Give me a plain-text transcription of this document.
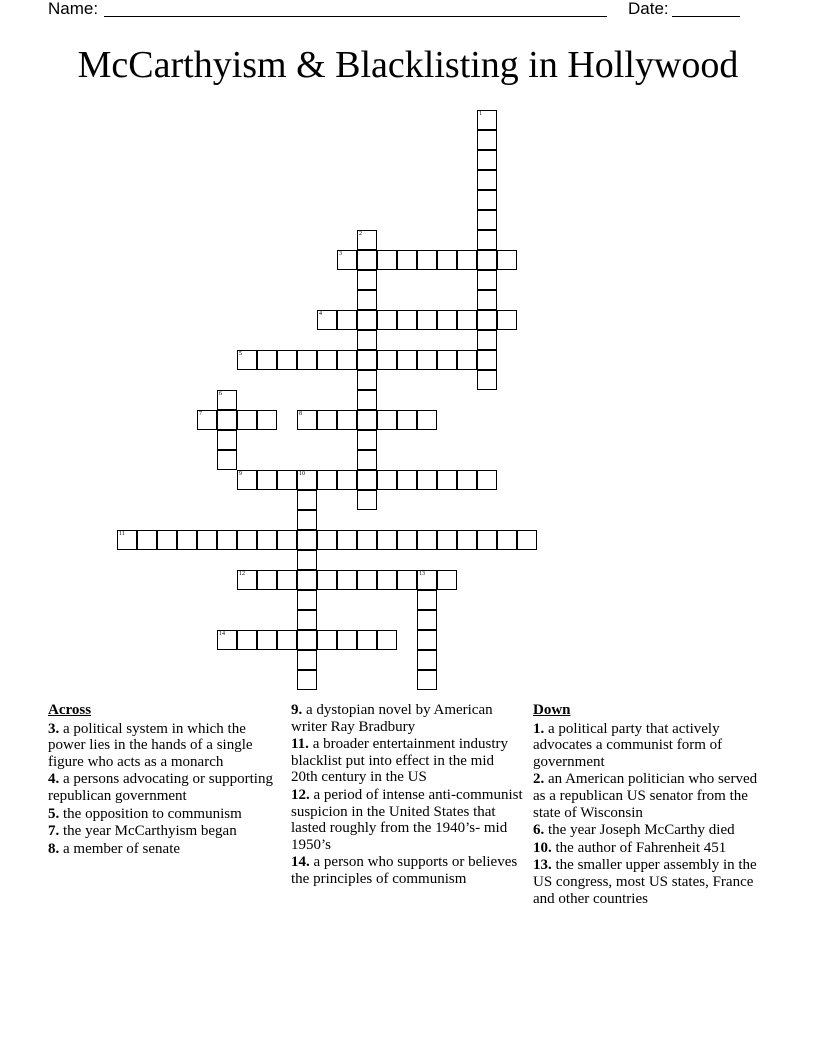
Name:	Date:
McCarthyism & Blacklisting in Hollywood
1
2
3
4
5
6
7	8
9	10
11
12	13
14
Across
3. a political system in which the power lies in the hands of a single figure who acts as a monarch
4. a persons advocating or supporting republican government
5. the opposition to communism
7. the year McCarthyism began
8. a member of senate
9. a dystopian novel by American writer Ray Bradbury
11. a broader entertainment industry blacklist put into effect in the mid 20th century in the US
12. a period of intense anti-communist suspicion in the United States that lasted roughly from the 1940’s- mid 1950’s
14. a person who supports or believes the principles of communism
Down
1. a political party that actively advocates a communist form of government
2. an American politician who served as a republican US senator from the state of Wisconsin
6. the year Joseph McCarthy died
10. the author of Fahrenheit 451
13. the smaller upper assembly in the US congress, most US states, France and other countries
